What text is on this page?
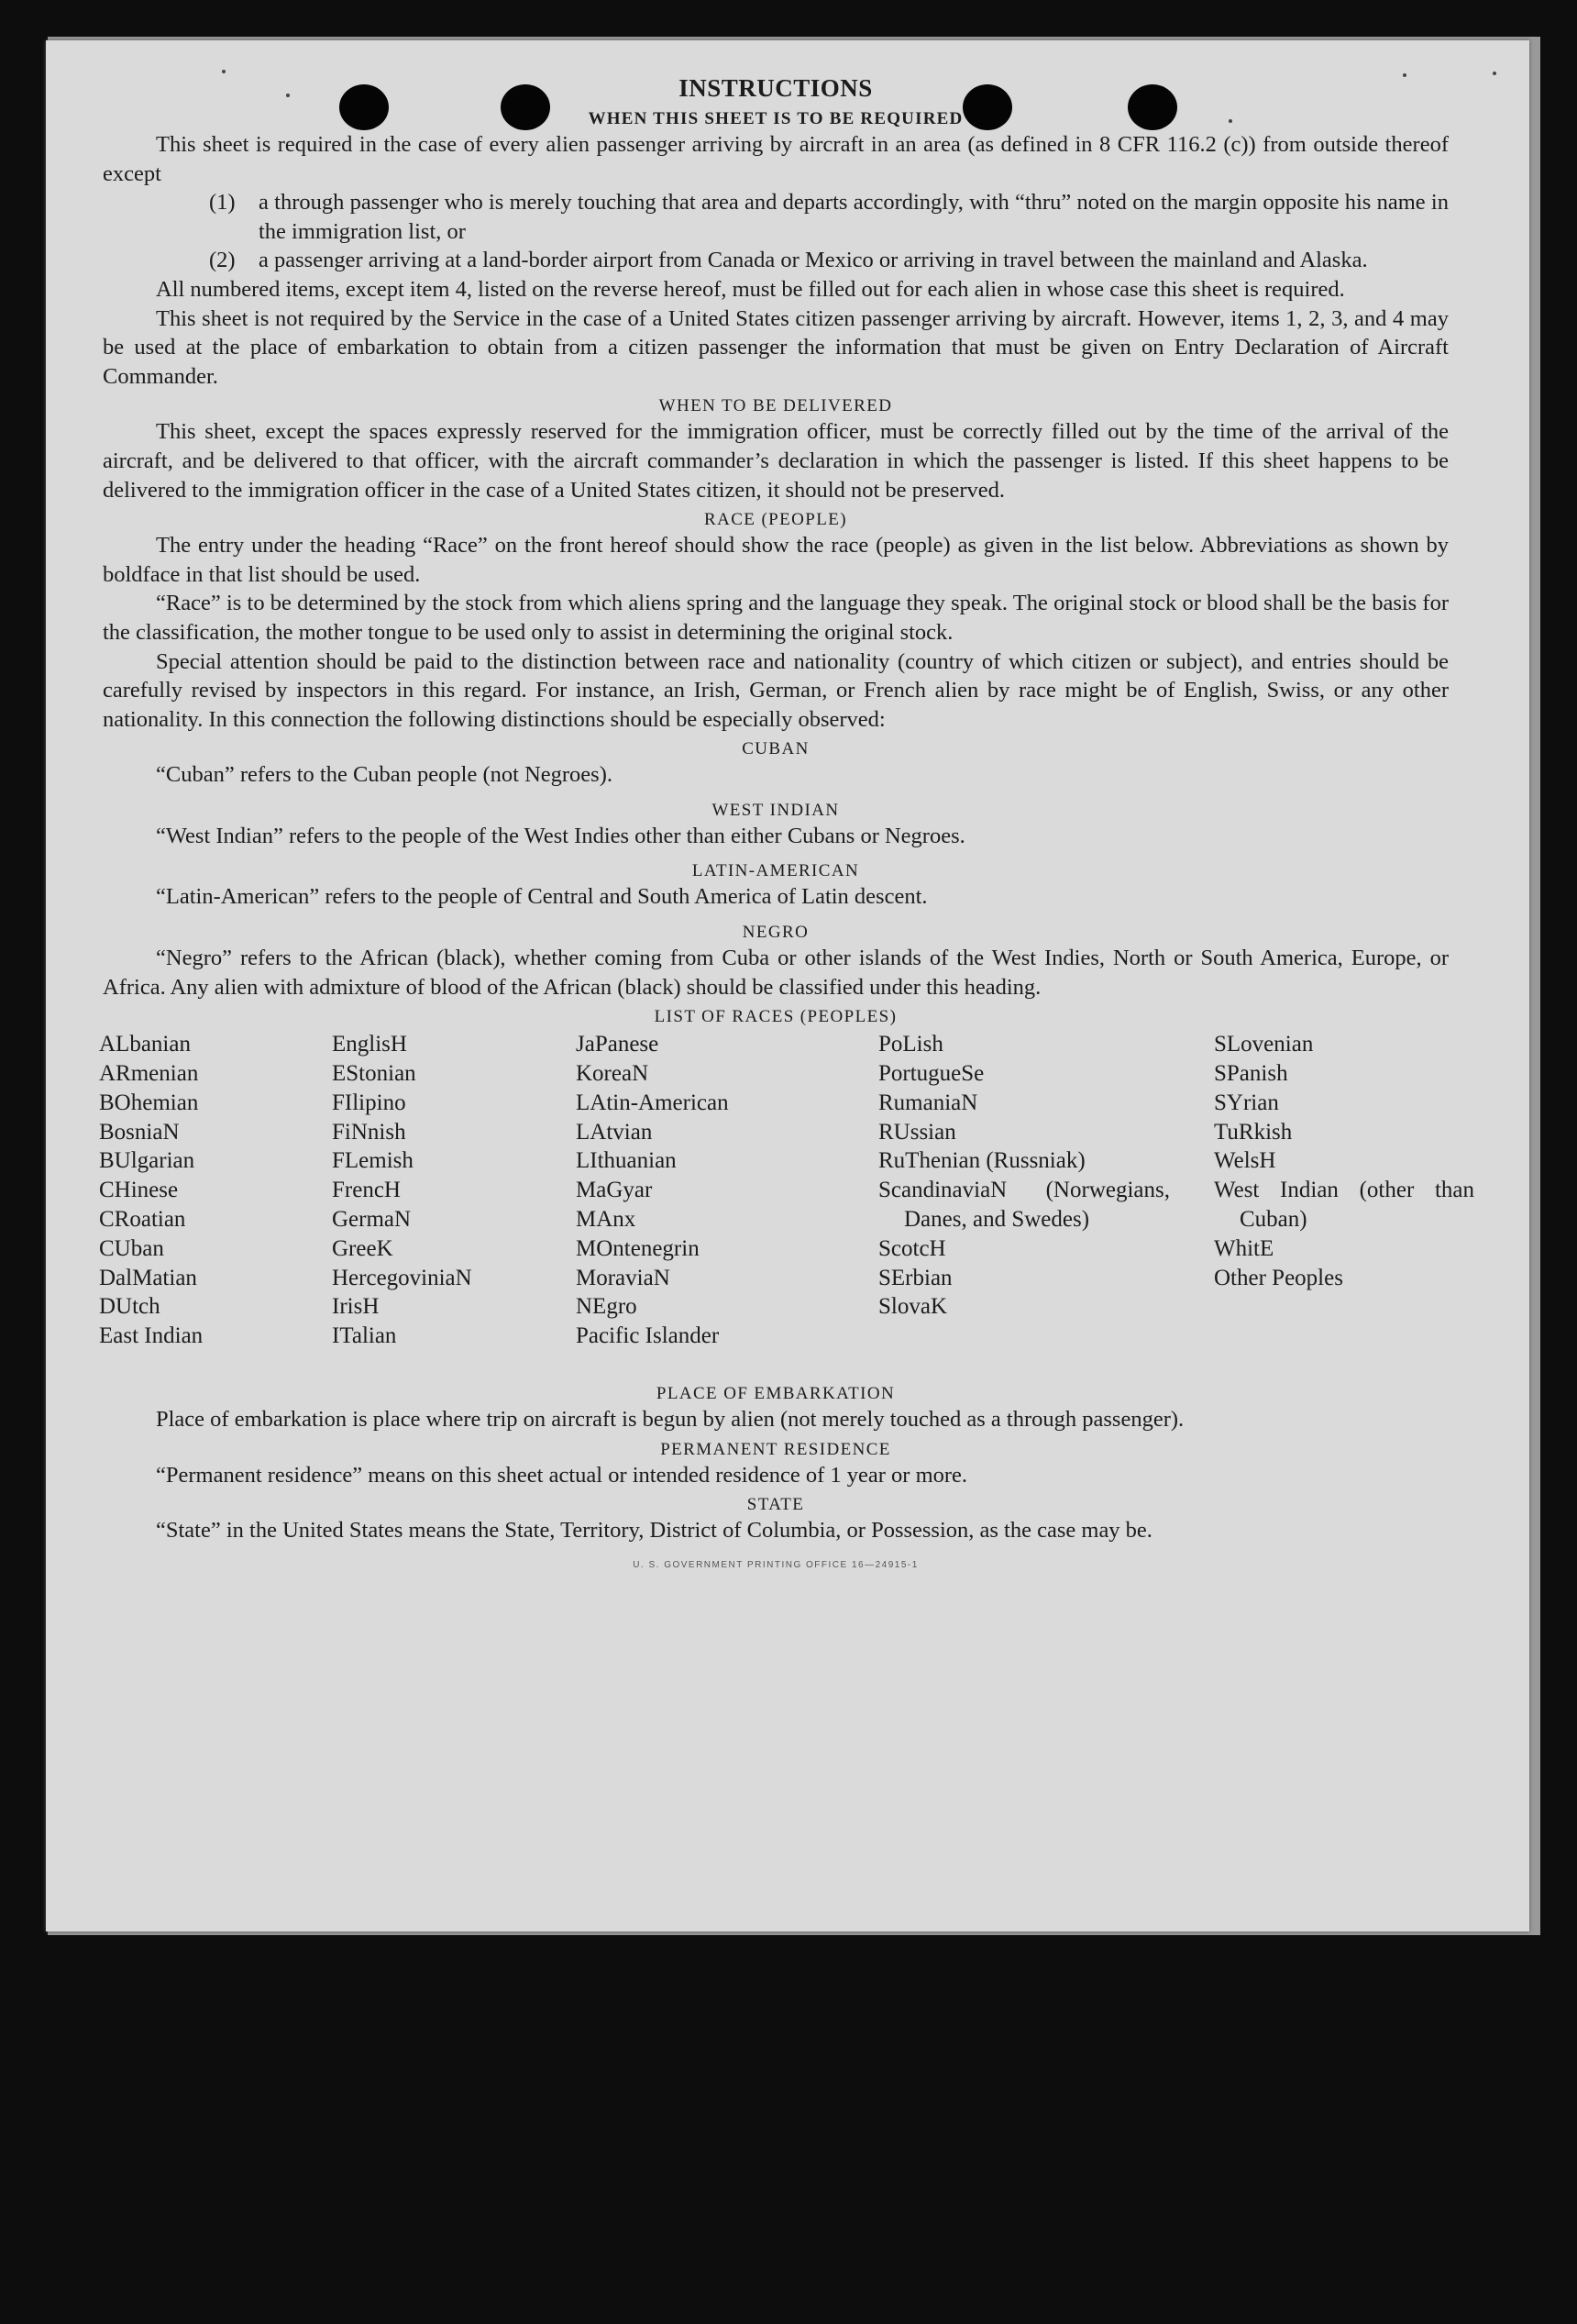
INSTRUCTIONS
WHEN THIS SHEET IS TO BE REQUIRED

This sheet is required in the case of every alien passenger arriving by aircraft in an area (as defined in 8 CFR 116.2 (c)) from outside thereof except

(1)	a through passenger who is merely touching that area and departs accordingly, with “thru” noted on the margin opposite his name in the immigration list, or
(2)	a passenger arriving at a land-border airport from Canada or Mexico or arriving in travel between the mainland and Alaska.

All numbered items, except item 4, listed on the reverse hereof, must be filled out for each alien in whose case this sheet is required.

This sheet is not required by the Service in the case of a United States citizen passenger arriving by aircraft. However, items 1, 2, 3, and 4 may be used at the place of embarkation to obtain from a citizen passenger the information that must be given on Entry Declaration of Aircraft Commander.

WHEN TO BE DELIVERED

This sheet, except the spaces expressly reserved for the immigration officer, must be correctly filled out by the time of the arrival of the aircraft, and be delivered to that officer, with the aircraft commander’s declaration in which the passenger is listed. If this sheet happens to be delivered to the immigration officer in the case of a United States citizen, it should not be preserved.

RACE (PEOPLE)

The entry under the heading “Race” on the front hereof should show the race (people) as given in the list below. Abbreviations as shown by boldface in that list should be used.

“Race” is to be determined by the stock from which aliens spring and the language they speak. The original stock or blood shall be the basis for the classification, the mother tongue to be used only to assist in determining the original stock.

Special attention should be paid to the distinction between race and nationality (country of which citizen or subject), and entries should be carefully revised by inspectors in this regard. For instance, an Irish, German, or French alien by race might be of English, Swiss, or any other nationality. In this connection the following distinctions should be especially observed:

CUBAN

“Cuban” refers to the Cuban people (not Negroes).

WEST INDIAN

“West Indian” refers to the people of the West Indies other than either Cubans or Negroes.

LATIN-AMERICAN

“Latin-American” refers to the people of Central and South America of Latin descent.

NEGRO

“Negro” refers to the African (black), whether coming from Cuba or other islands of the West Indies, North or South America, Europe, or Africa. Any alien with admixture of blood of the African (black) should be classified under this heading.

LIST OF RACES (PEOPLES)
ALbanian
ARmenian
BOhemian
BosniaN
BUlgarian
CHinese
CRoatian
CUban
DalMatian
DUtch
East Indian
EnglisH
EStonian
FIlipino
FiNnish
FLemish
FrencH
GermaN
GreeK
HercegoviniaN
IrisH
ITalian
JaPanese
KoreaN
LAtin-American
LAtvian
LIthuanian
MaGyar
MAnx
MOntenegrin
MoraviaN
NEgro
Pacific Islander
PoLish
PortugueSe
RumaniaN
RUssian
RuThenian (Russniak)
ScandinaviaN (Norwegians, Danes, and Swedes)
ScotcH
SErbian
SlovaK
SLovenian
SPanish
SYrian
TuRkish
WelsH
West Indian (other than Cuban)
WhitE
Other Peoples
PLACE OF EMBARKATION

Place of embarkation is place where trip on aircraft is begun by alien (not merely touched as a through passenger).

PERMANENT RESIDENCE

“Permanent residence” means on this sheet actual or intended residence of 1 year or more.

STATE

“State” in the United States means the State, Territory, District of Columbia, or Possession, as the case may be.

U. S. GOVERNMENT PRINTING OFFICE 16—24915-1
